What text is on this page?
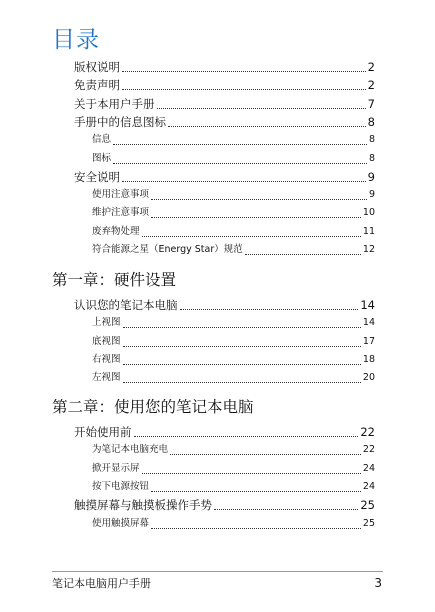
目录
版权说明	2
免责声明	2
关于本用户手册	7
手册中的信息图标	8
信息	8
图标	8
安全说明	9
使用注意事项	9
维护注意事项	10
废弃物处理	11
符合能源之星（Energy Star）规范	12
第一章：硬件设置
认识您的笔记本电脑	14
上视图	14
底视图	17
右视图	18
左视图	20
第二章：使用您的笔记本电脑
开始使用前	22
为笔记本电脑充电	22
掀开显示屏	24
按下电源按钮	24
触摸屏幕与触摸板操作手势	25
使用触摸屏幕	25
笔记本电脑用户手册	3
